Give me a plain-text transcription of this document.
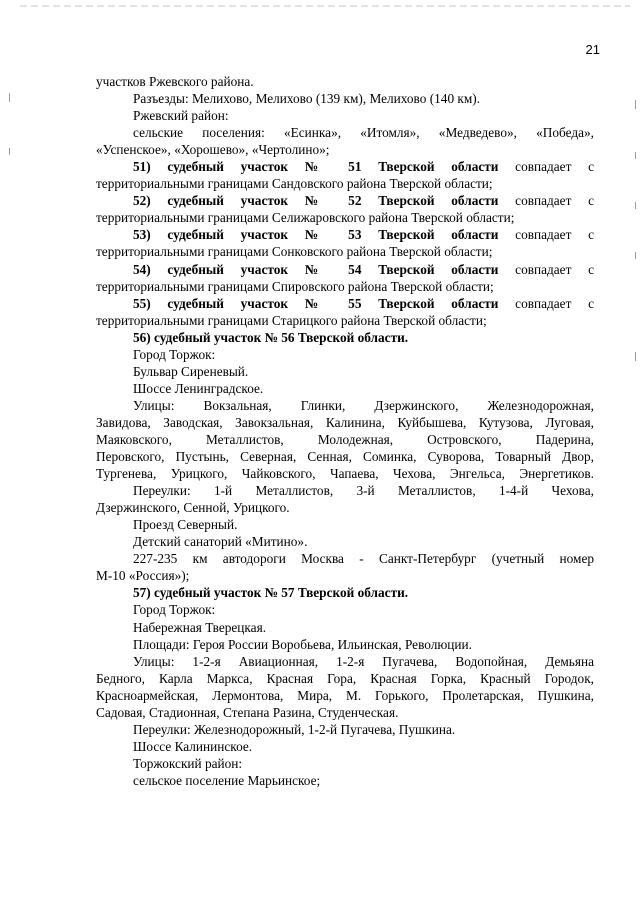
21
участков Ржевского района.
Разъезды: Мелихово, Мелихово (139 км), Мелихово (140 км).
Ржевский район:
сельские поселения: «Есинка», «Итомля», «Медведево», «Победа»,
«Успенское», «Хорошево», «Чертолино»;
51) судебный участок № 51 Тверской области совпадает с
территориальными границами Сандовского района Тверской области;
52) судебный участок № 52 Тверской области совпадает с
территориальными границами Селижаровского района Тверской области;
53) судебный участок № 53 Тверской области совпадает с
территориальными границами Сонковского района Тверской области;
54) судебный участок № 54 Тверской области совпадает с
территориальными границами Спировского района Тверской области;
55) судебный участок № 55 Тверской области совпадает с
территориальными границами Старицкого района Тверской области;
56) судебный участок № 56 Тверской области.
Город Торжок:
Бульвар Сиреневый.
Шоссе Ленинградское.
Улицы: Вокзальная, Глинки, Дзержинского, Железнодорожная,
Завидова, Заводская, Завокзальная, Калинина, Куйбышева, Кутузова, Луговая,
Маяковского, Металлистов, Молодежная, Островского, Падерина,
Перовского, Пустынь, Северная, Сенная, Соминка, Суворова, Товарный Двор,
Тургенева, Урицкого, Чайковского, Чапаева, Чехова, Энгельса, Энергетиков.
Переулки: 1-й Металлистов, 3-й Металлистов, 1-4-й Чехова,
Дзержинского, Сенной, Урицкого.
Проезд Северный.
Детский санаторий «Митино».
227-235 км автодороги Москва - Санкт-Петербург (учетный номер
М-10 «Россия»);
57) судебный участок № 57 Тверской области.
Город Торжок:
Набережная Тверецкая.
Площади: Героя России Воробьева, Ильинская, Революции.
Улицы: 1-2-я Авиационная, 1-2-я Пугачева, Водопойная, Демьяна
Бедного, Карла Маркса, Красная Гора, Красная Горка, Красный Городок,
Красноармейская, Лермонтова, Мира, М. Горького, Пролетарская, Пушкина,
Садовая, Стадионная, Степана Разина, Студенческая.
Переулки: Железнодорожный, 1-2-й Пугачева, Пушкина.
Шоссе Калининское.
Торжокский район:
сельское поселение Марьинское;
